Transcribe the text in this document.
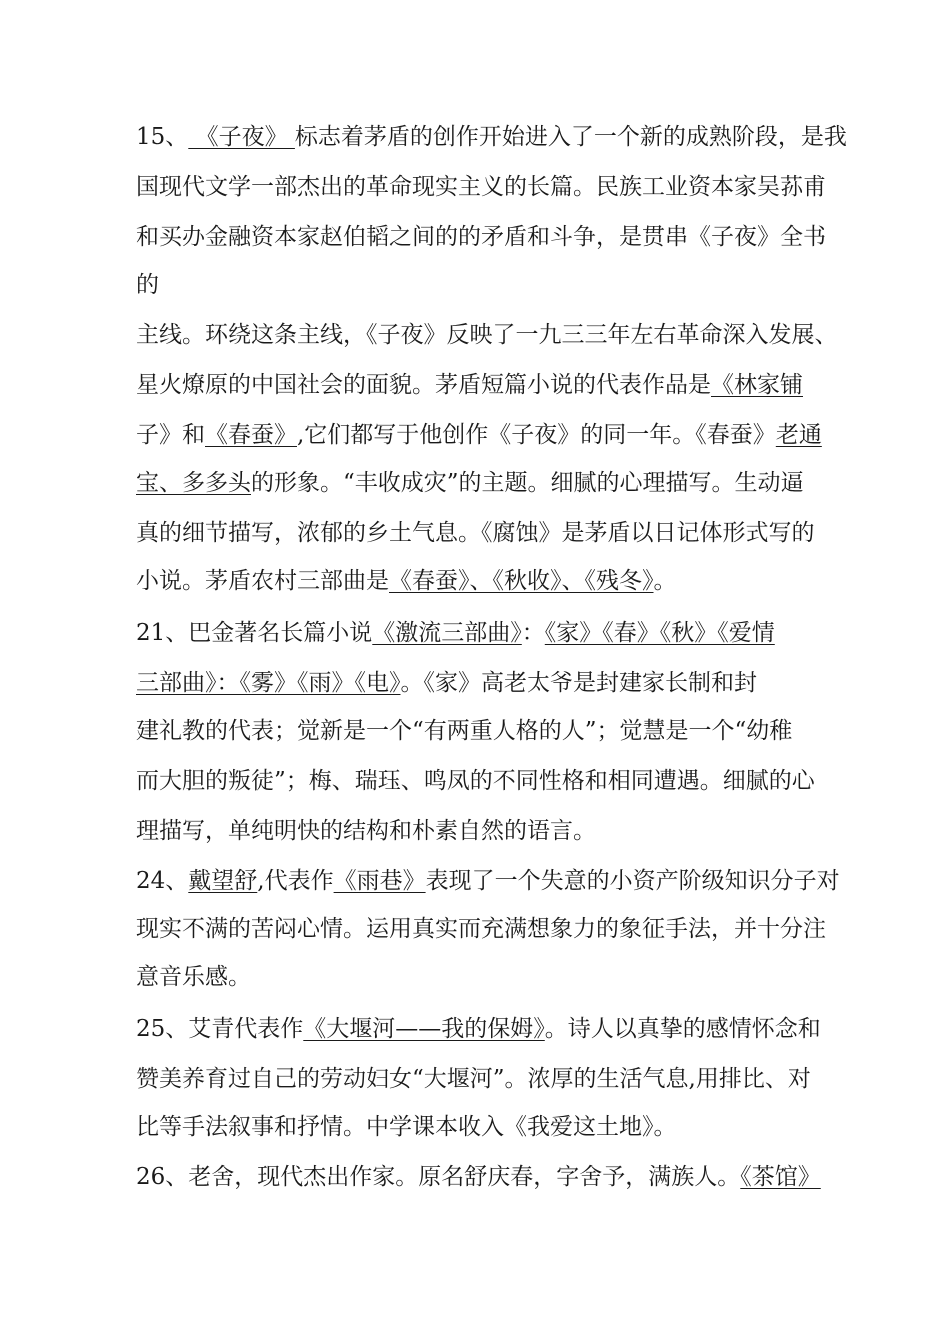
15、 《子夜》 标志着茅盾的创作开始进入了一个新的成熟阶段，是我
国现代文学一部杰出的革命现实主义的长篇。民族工业资本家吴荪甫
和买办金融资本家赵伯韬之间的的矛盾和斗争，是贯串《子夜》全书
的
主线。环绕这条主线，《子夜》反映了一九三三年左右革命深入发展、
星火燎原的中国社会的面貌。茅盾短篇小说的代表作品是《林家铺
子》和《春蚕》,它们都写于他创作《子夜》的同一年。《春蚕》老通
宝、多多头的形象。“丰收成灾”的主题。细腻的心理描写。生动逼
真的细节描写，浓郁的乡土气息。《腐蚀》是茅盾以日记体形式写的
小说。茅盾农村三部曲是《春蚕》、《秋收》、《残冬》。
21、巴金著名长篇小说《激流三部曲》：《家》《春》《秋》《爱情
三部曲》：《雾》《雨》《电》。《家》高老太爷是封建家长制和封
建礼教的代表；觉新是一个“有两重人格的人”；觉慧是一个“幼稚
而大胆的叛徒”；梅、瑞珏、鸣凤的不同性格和相同遭遇。细腻的心
理描写，单纯明快的结构和朴素自然的语言。
24、戴望舒,代表作《雨巷》表现了一个失意的小资产阶级知识分子对
现实不满的苦闷心情。运用真实而充满想象力的象征手法，并十分注
意音乐感。
25、艾青代表作《大堰河——我的保姆》。诗人以真挚的感情怀念和
赞美养育过自己的劳动妇女“大堰河”。浓厚的生活气息,用排比、对
比等手法叙事和抒情。中学课本收入《我爱这土地》。
26、老舍，现代杰出作家。原名舒庆春，字舍予，满族人。《茶馆》
